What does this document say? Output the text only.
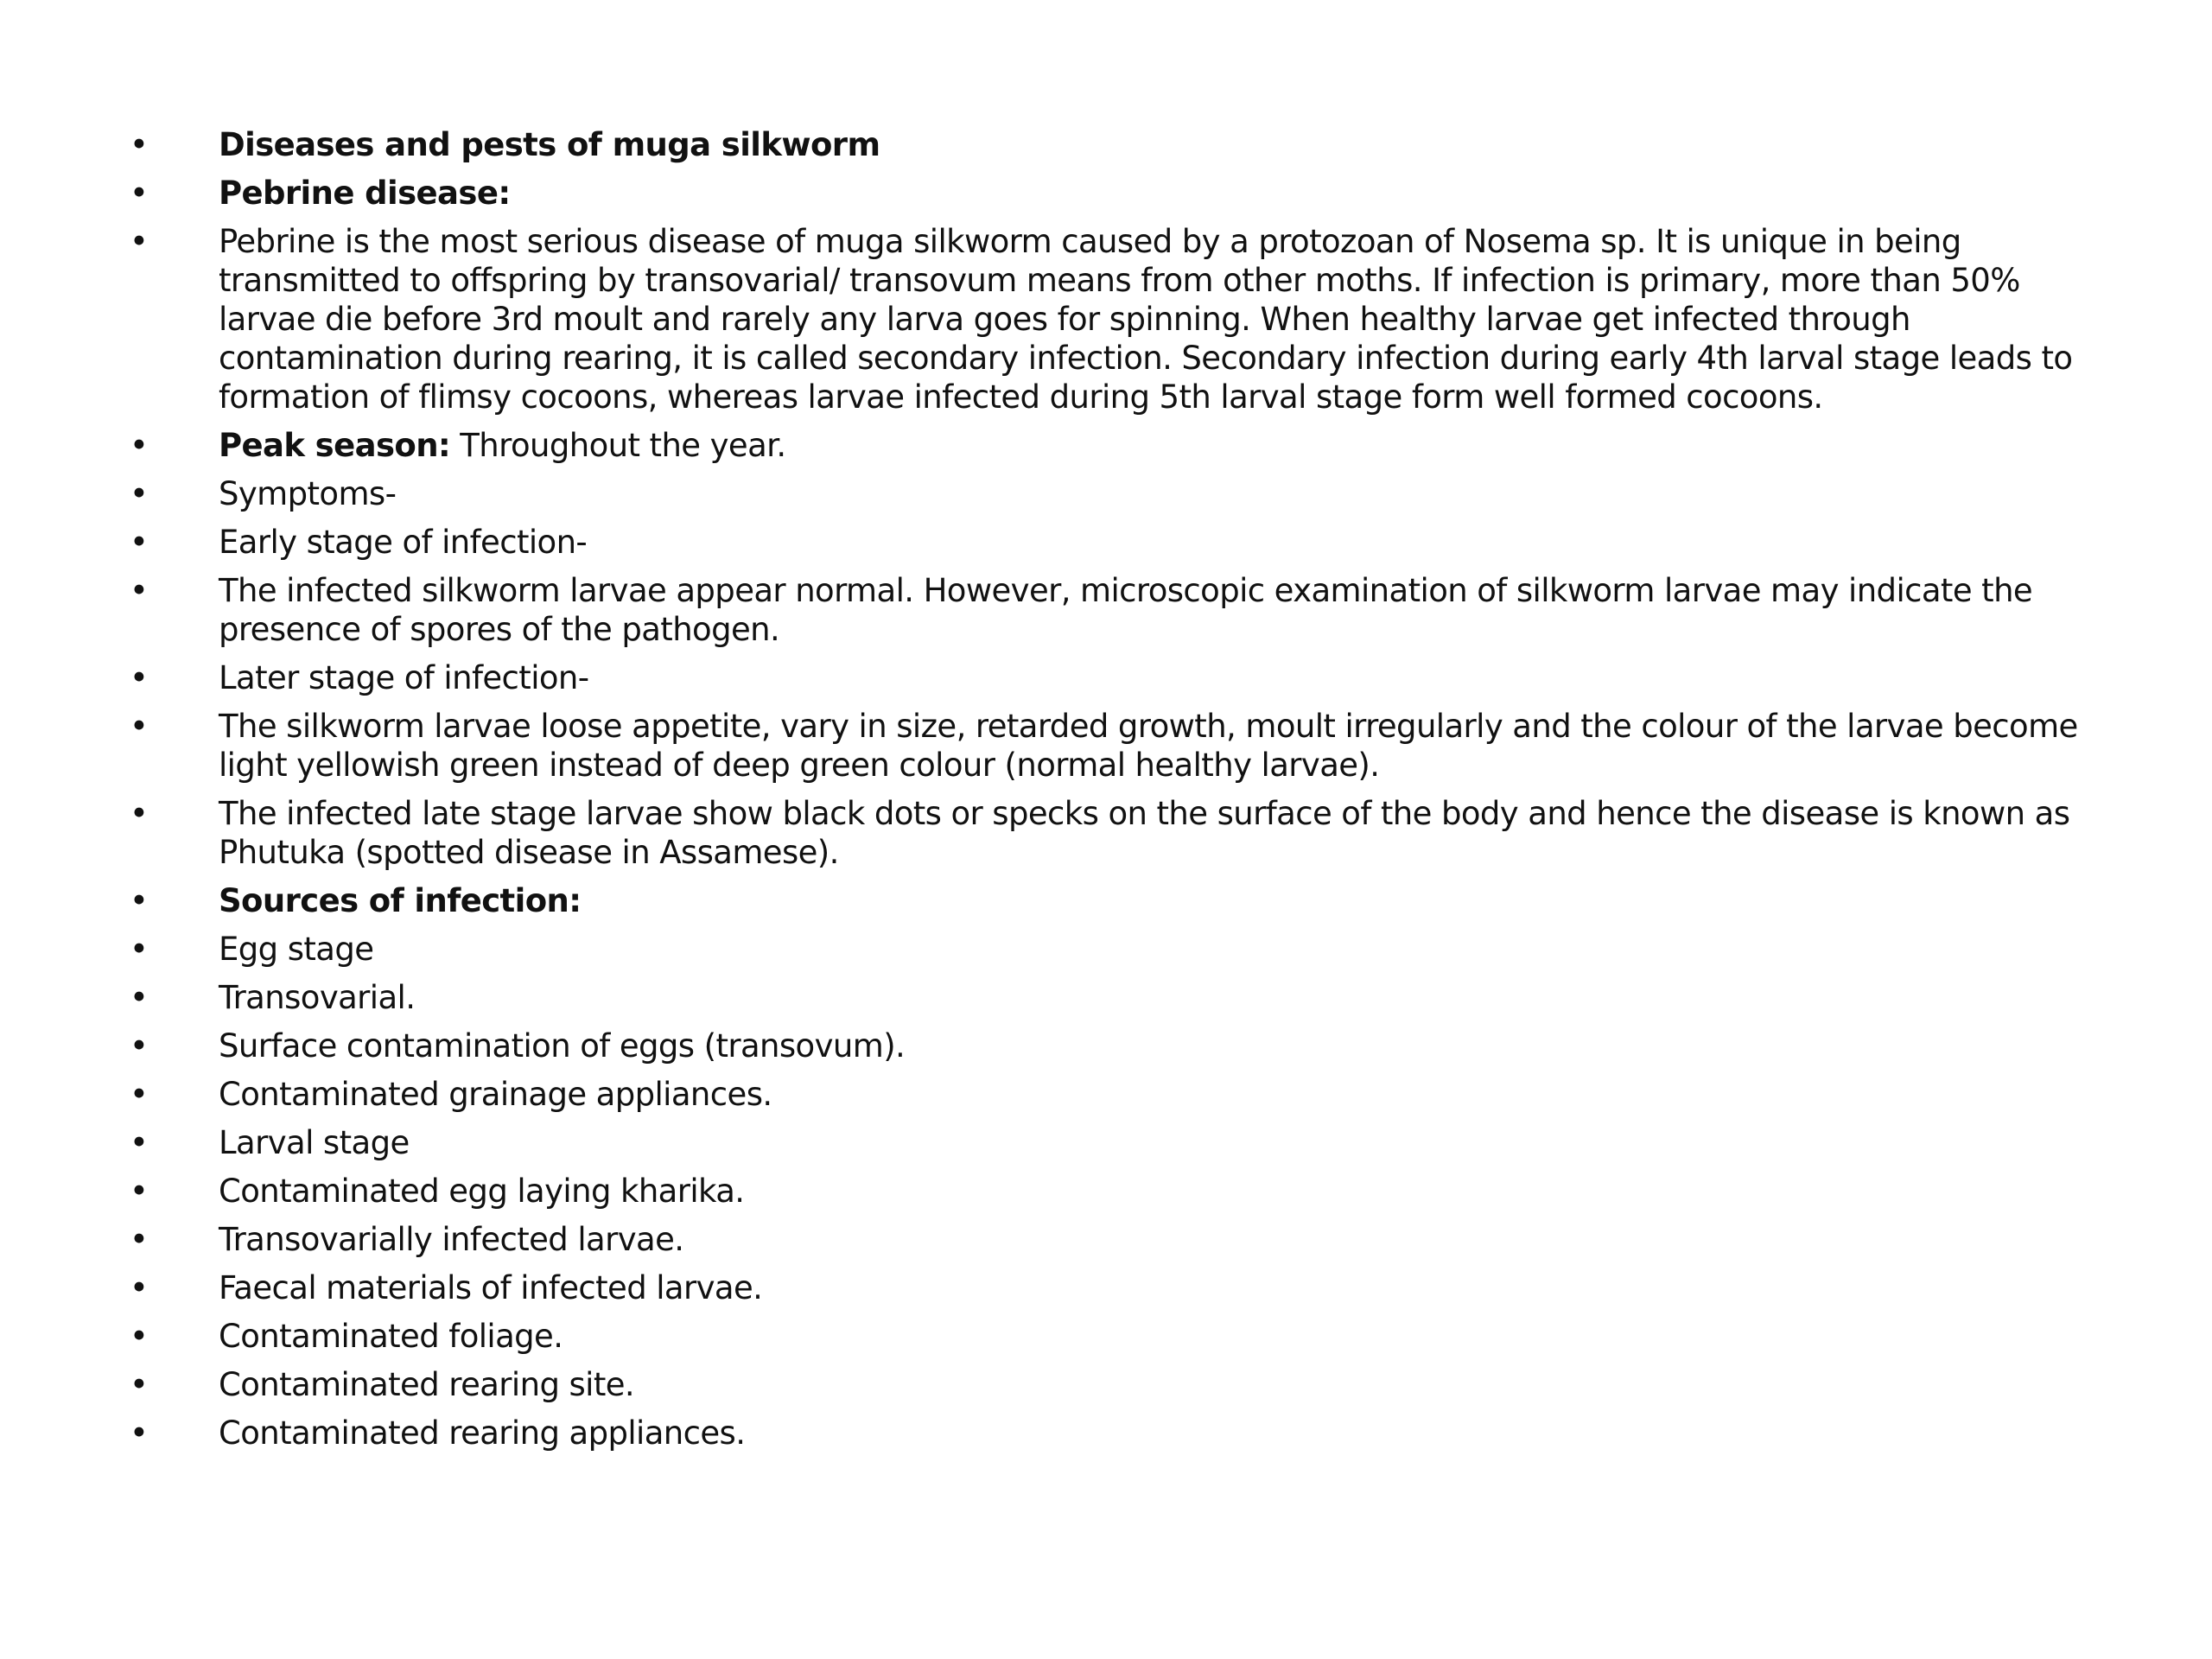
•	Diseases and pests of muga silkworm
•	Pebrine disease:
•	Pebrine is the most serious disease of muga silkworm caused by a protozoan of Nosema sp. It is unique in being transmitted to offspring by transovarial/ transovum means from other moths. If infection is primary, more than 50% larvae die before 3rd moult and rarely any larva goes for spinning. When healthy larvae get infected through contamination during rearing, it is called secondary infection. Secondary infection during early 4th larval stage leads to formation of flimsy cocoons, whereas larvae infected during 5th larval stage form well formed cocoons.
•	Peak season: Throughout the year.
•	Symptoms-
•	Early stage of infection-
•	The infected silkworm larvae appear normal. However, microscopic examination of silkworm larvae may indicate the presence of spores of the pathogen.
•	Later stage of infection-
•	The silkworm larvae loose appetite, vary in size, retarded growth, moult irregularly and the colour of the larvae become light yellowish green instead of deep green colour (normal healthy larvae).
•	The infected late stage larvae show black dots or specks on the surface of the body and hence the disease is known as Phutuka (spotted disease in Assamese).
•	Sources of infection:
•	Egg stage
•	Transovarial.
•	Surface contamination of eggs (transovum).
•	Contaminated grainage appliances.
•	Larval stage
•	Contaminated egg laying kharika.
•	Transovarially infected larvae.
•	Faecal materials of infected larvae.
•	Contaminated foliage.
•	Contaminated rearing site.
•	Contaminated rearing appliances.
